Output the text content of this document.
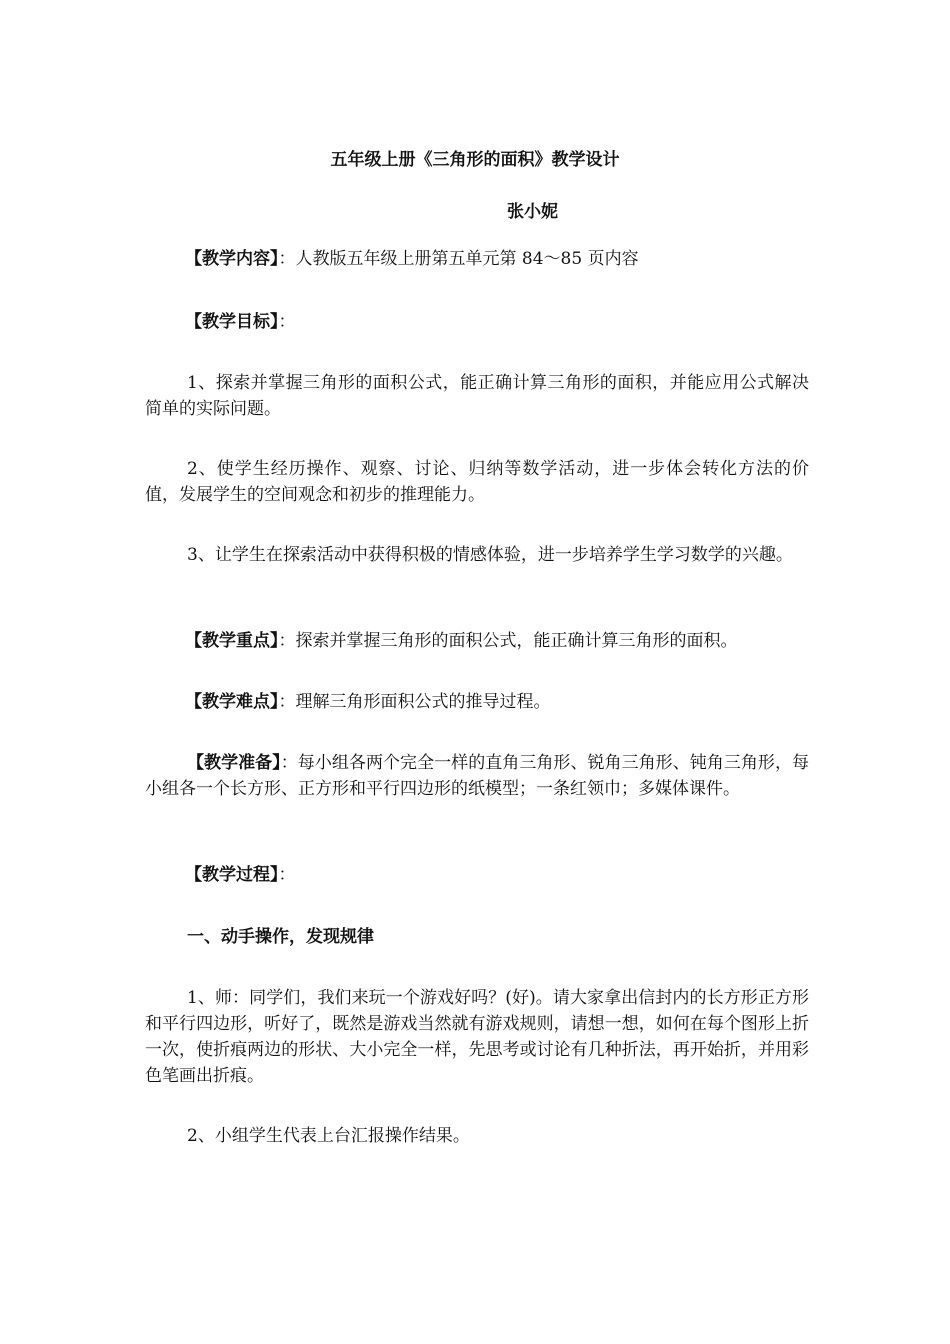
五年级上册《三角形的面积》教学设计
张小妮
【教学内容】：人教版五年级上册第五单元第 84～85 页内容
【教学目标】：
1、探索并掌握三角形的面积公式，能正确计算三角形的面积，并能应用公式解决简单的实际问题。
2、使学生经历操作、观察、讨论、归纳等数学活动，进一步体会转化方法的价值，发展学生的空间观念和初步的推理能力。
3、让学生在探索活动中获得积极的情感体验，进一步培养学生学习数学的兴趣。
【教学重点】：探索并掌握三角形的面积公式，能正确计算三角形的面积。
【教学难点】：理解三角形面积公式的推导过程。
【教学准备】：每小组各两个完全一样的直角三角形、锐角三角形、钝角三角形，每小组各一个长方形、正方形和平行四边形的纸模型；一条红领巾；多媒体课件。
【教学过程】：
一、动手操作，发现规律
1、师：同学们，我们来玩一个游戏好吗？(好)。请大家拿出信封内的长方形正方形和平行四边形，听好了，既然是游戏当然就有游戏规则，请想一想，如何在每个图形上折一次，使折痕两边的形状、大小完全一样，先思考或讨论有几种折法，再开始折，并用彩色笔画出折痕。
2、小组学生代表上台汇报操作结果。
